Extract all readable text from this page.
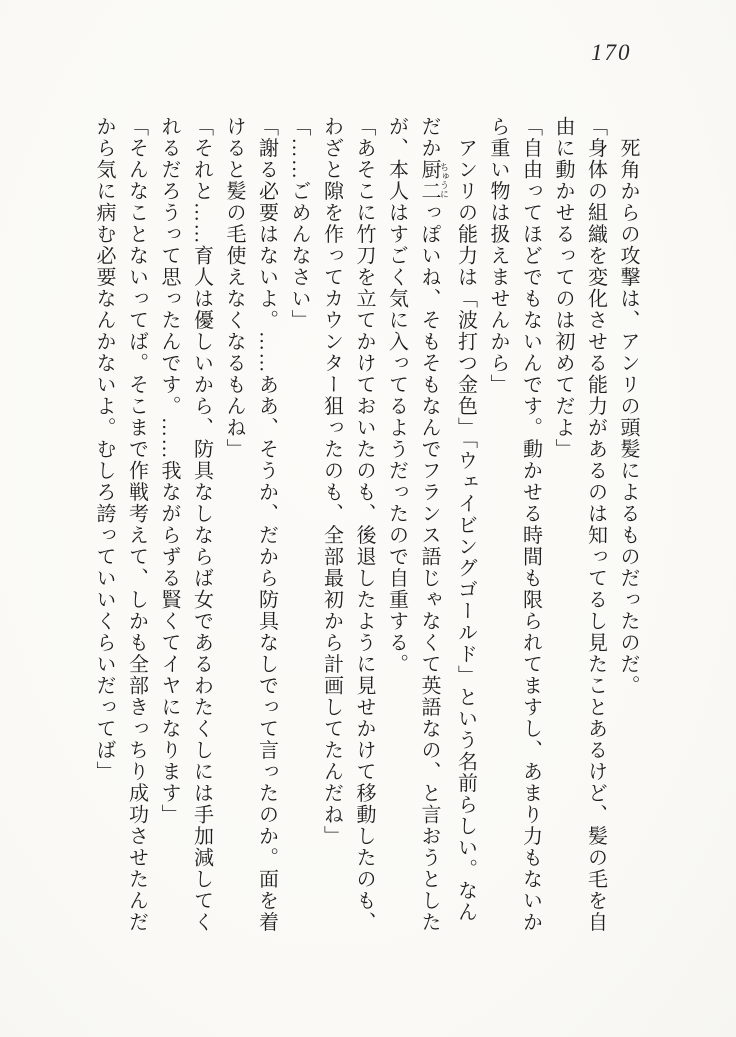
170

　死角からの攻撃は、アンリの頭髪によるものだったのだ。

「身体の組織を変化させる能力があるのは知ってるし見たことあるけど、髪の毛を自

由に動かせるってのは初めてだよ」

「自由ってほどでもないんです。動かせる時間も限られてますし、あまり力もないか

ら重い物は扱えませんから」

　アンリの能力は「波打つ金色」「ウェイビングゴールド」という名前らしい。なん

だか厨二 ちゅうにっぽいね、そもそもなんでフランス語じゃなくて英語なの、と言おうとした

が、本人はすごく気に入ってるようだったので自重する。

「あそこに竹刀を立てかけておいたのも、後退したように見せかけて移動したのも、

わざと隙を作ってカウンター狙ったのも、全部最初から計画してたんだね」

「……ごめんなさい」

「謝る必要はないよ。……ああ、そうか、だから防具なしでって言ったのか。面を着

けると髪の毛使えなくなるもんね」

「それと……育人は優しいから、防具なしならば女であるわたくしには手加減してく

れるだろうって思ったんです。……我ながらずる賢くてイヤになります」

「そんなことないってば。そこまで作戦考えて、しかも全部きっちり成功させたんだ

から気に病む必要なんかないよ。むしろ誇っていいくらいだってば」
